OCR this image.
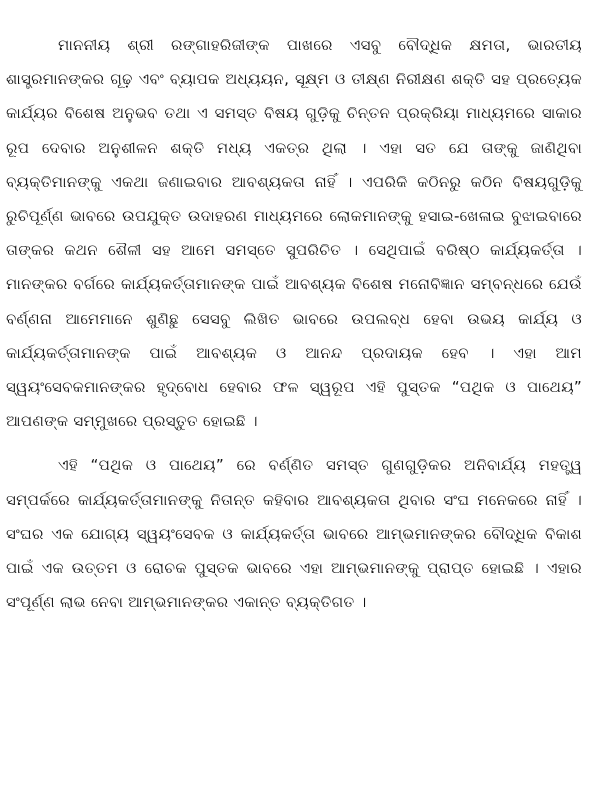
ମାନନୀୟ ଶ୍ରୀ ରଙ୍ଗାହରିଜୀଙ୍କ ପାଖରେ ଏସବୁ ବୌଦ୍ଧିକ କ୍ଷମତା, ଭାରତୀୟ ଶାସ୍ତ୍ରମାନଙ୍କର ଗୂଢ଼ ଏବଂ ବ୍ୟାପକ ଅଧ୍ୟୟନ, ସୂକ୍ଷ୍ମ ଓ ତୀକ୍ଷ୍ଣ ନିରୀକ୍ଷଣ ଶକ୍ତି ସହ ପ୍ରତ୍ୟେକ କାର୍ଯ୍ୟର ବିଶେଷ ଅନୁଭବ ତଥା ଏ ସମସ୍ତ ବିଷୟ ଗୁଡ଼ିକୁ ଚିନ୍ତନ ପ୍ରକ୍ରିୟା ମାଧ୍ୟମରେ ସାକାର ରୂପ ଦେବାର ଅନୁଶୀଳନ ଶକ୍ତି ମଧ୍ୟ ଏକତ୍ର ଥିଲା । ଏହା ସତ ଯେ ତାଙ୍କୁ ଜାଣିଥିବା ବ୍ୟକ୍ତିମାନଙ୍କୁ ଏକଥା ଜଣାଇବାର ଆବଶ୍ୟକତା ନାହିଁ । ଏପରିକି କଠିନରୁ କଠିନ ବିଷୟଗୁଡ଼ିକୁ ରୁଚିପୂର୍ଣ୍ଣ ଭାବରେ ଉପଯୁକ୍ତ ଉଦାହରଣ ମାଧ୍ୟମରେ ଲୋକମାନଙ୍କୁ ହସାଇ-ଖେଳାଇ ବୁଝାଇବାରେ ତାଙ୍କର କଥନ ଶୈଳୀ ସହ ଆମେ ସମସ୍ତେ ସୁପରିଚିତ । ସେଥିପାଇଁ ବରିଷ୍ଠ କାର୍ଯ୍ୟକର୍ତ୍ତା । ମାନଙ୍କର ବର୍ଗରେ କାର୍ଯ୍ୟକର୍ତ୍ତାମାନଙ୍କ ପାଇଁ ଆବଶ୍ୟକ ବିଶେଷ ମନୋବିଜ୍ଞାନ ସମ୍ବନ୍ଧରେ ଯେଉଁ ବର୍ଣ୍ଣନା ଆମେମାନେ ଶୁଣିଛୁ ସେସବୁ ଲିଖିତ ଭାବରେ ଉପଲବ୍ଧ ହେବା ଉଭୟ କାର୍ଯ୍ୟ ଓ କାର୍ଯ୍ୟକର୍ତ୍ତାମାନଙ୍କ ପାଇଁ ଆବଶ୍ୟକ ଓ ଆନନ୍ଦ ପ୍ରଦାୟକ ହେବ । ଏହା ଆମ ସ୍ୱୟଂସେବକମାନଙ୍କର ହୃଦ୍‌ବୋଧ ହେବାର ଫଳ ସ୍ୱରୂପ ଏହି ପୁସ୍ତକ “ପଥିକ ଓ ପାଥେୟ” ଆପଣଙ୍କ ସମ୍ମୁଖରେ ପ୍ରସ୍ତୁତ ହୋଇଛି ।

ଏହି “ପଥିକ ଓ ପାଥେୟ” ରେ ବର୍ଣ୍ଣିତ ସମସ୍ତ ଗୁଣଗୁଡ଼ିକର ଅନିବାର୍ଯ୍ୟ ମହତ୍ତ୍ୱ ସମ୍ପର୍କରେ କାର୍ଯ୍ୟକର୍ତ୍ତାମାନଙ୍କୁ ନିତାନ୍ତ କହିବାର ଆବଶ୍ୟକତା ଥିବାର ସଂଘ ମନେକରେ ନାହିଁ । ସଂଘର ଏକ ଯୋଗ୍ୟ ସ୍ୱୟଂସେବକ ଓ କାର୍ଯ୍ୟକର୍ତ୍ତା ଭାବରେ ଆମ୍ଭମାନଙ୍କର ବୌଦ୍ଧିକ ବିକାଶ ପାଇଁ ଏକ ଉତ୍ତମ ଓ ରୋଚକ ପୁସ୍ତକ ଭାବରେ ଏହା ଆମ୍ଭମାନଙ୍କୁ ପ୍ରାପ୍ତ ହୋଇଛି । ଏହାର ସଂପୂର୍ଣ୍ଣ ଲାଭ ନେବା ଆମ୍ଭମାନଙ୍କର ଏକାନ୍ତ ବ୍ୟକ୍ତିଗତ ।
